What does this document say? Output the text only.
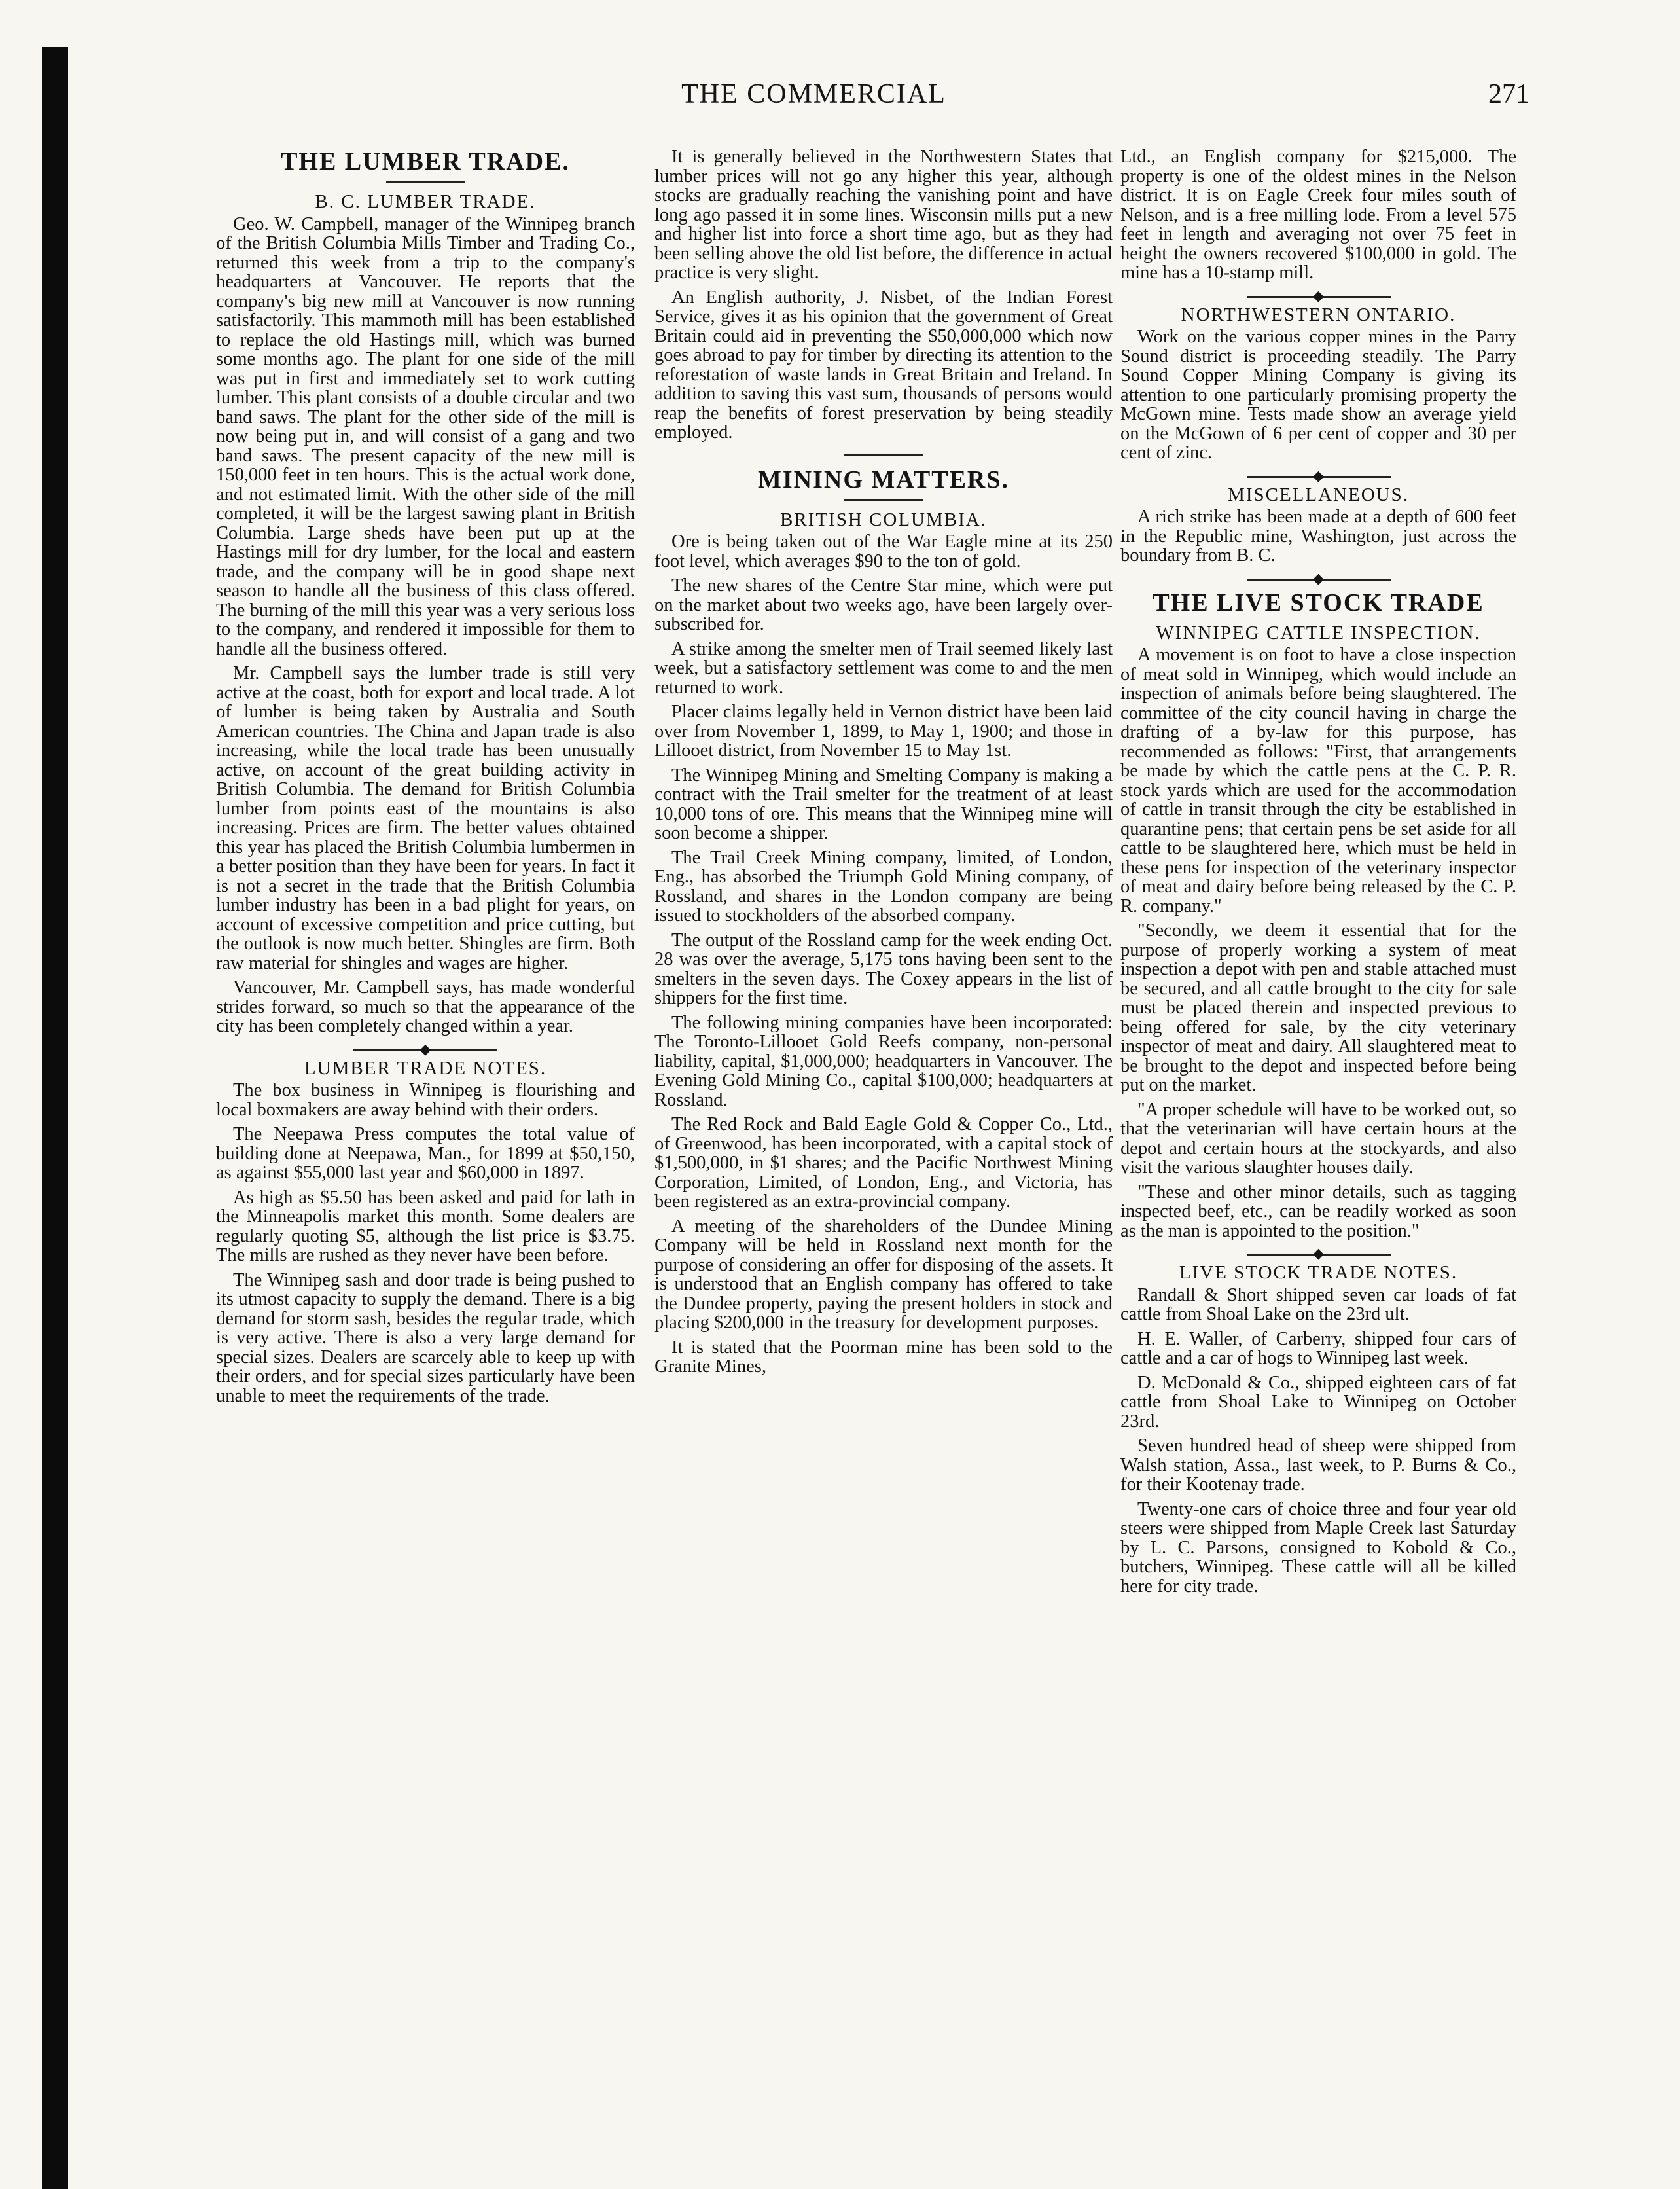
THE COMMERCIAL	271
THE LUMBER TRADE.
B. C. LUMBER TRADE.

Geo. W. Campbell, manager of the Winnipeg branch of the British Columbia Mills Timber and Trading Co., returned this week from a trip to the company's headquarters at Vancouver. He reports that the company's big new mill at Vancouver is now running satisfactorily. This mammoth mill has been established to replace the old Hastings mill, which was burned some months ago. The plant for one side of the mill was put in first and immediately set to work cutting lumber. This plant consists of a double circular and two band saws. The plant for the other side of the mill is now being put in, and will consist of a gang and two band saws. The present capacity of the new mill is 150,000 feet in ten hours. This is the actual work done, and not estimated limit. With the other side of the mill completed, it will be the largest sawing plant in British Columbia. Large sheds have been put up at the Hastings mill for dry lumber, for the local and eastern trade, and the company will be in good shape next season to handle all the business of this class offered. The burning of the mill this year was a very serious loss to the company, and rendered it impossible for them to handle all the business offered.

Mr. Campbell says the lumber trade is still very active at the coast, both for export and local trade. A lot of lumber is being taken by Australia and South American countries. The China and Japan trade is also increasing, while the local trade has been unusually active, on account of the great building activity in British Columbia. The demand for British Columbia lumber from points east of the mountains is also increasing. Prices are firm. The better values obtained this year has placed the British Columbia lumbermen in a better position than they have been for years. In fact it is not a secret in the trade that the British Columbia lumber industry has been in a bad plight for years, on account of excessive competition and price cutting, but the outlook is now much better. Shingles are firm. Both raw material for shingles and wages are higher.

Vancouver, Mr. Campbell says, has made wonderful strides forward, so much so that the appearance of the city has been completely changed within a year.

◆
LUMBER TRADE NOTES.

The box business in Winnipeg is flourishing and local boxmakers are away behind with their orders.

The Neepawa Press computes the total value of building done at Neepawa, Man., for 1899 at $50,150, as against $55,000 last year and $60,000 in 1897.

As high as $5.50 has been asked and paid for lath in the Minneapolis market this month. Some dealers are regularly quoting $5, although the list price is $3.75. The mills are rushed as they never have been before.

The Winnipeg sash and door trade is being pushed to its utmost capacity to supply the demand. There is a big demand for storm sash, besides the regular trade, which is very active. There is also a very large demand for special sizes. Dealers are scarcely able to keep up with their orders, and for special sizes particularly have been unable to meet the requirements of the trade.

It is generally believed in the Northwestern States that lumber prices will not go any higher this year, although stocks are gradually reaching the vanishing point and have long ago passed it in some lines. Wisconsin mills put a new and higher list into force a short time ago, but as they had been selling above the old list before, the difference in actual practice is very slight.

An English authority, J. Nisbet, of the Indian Forest Service, gives it as his opinion that the government of Great Britain could aid in preventing the $50,000,000 which now goes abroad to pay for timber by directing its attention to the reforestation of waste lands in Great Britain and Ireland. In addition to saving this vast sum, thousands of persons would reap the benefits of forest preservation by being steadily employed.

MINING MATTERS.
BRITISH COLUMBIA.

Ore is being taken out of the War Eagle mine at its 250 foot level, which averages $90 to the ton of gold.

The new shares of the Centre Star mine, which were put on the market about two weeks ago, have been largely over-subscribed for.

A strike among the smelter men of Trail seemed likely last week, but a satisfactory settlement was come to and the men returned to work.

Placer claims legally held in Vernon district have been laid over from November 1, 1899, to May 1, 1900; and those in Lillooet district, from November 15 to May 1st.

The Winnipeg Mining and Smelting Company is making a contract with the Trail smelter for the treatment of at least 10,000 tons of ore. This means that the Winnipeg mine will soon become a shipper.

The Trail Creek Mining company, limited, of London, Eng., has absorbed the Triumph Gold Mining company, of Rossland, and shares in the London company are being issued to stockholders of the absorbed company.

The output of the Rossland camp for the week ending Oct. 28 was over the average, 5,175 tons having been sent to the smelters in the seven days. The Coxey appears in the list of shippers for the first time.

The following mining companies have been incorporated: The Toronto-Lillooet Gold Reefs company, non-personal liability, capital, $1,000,000; headquarters in Vancouver. The Evening Gold Mining Co., capital $100,000; headquarters at Rossland.

The Red Rock and Bald Eagle Gold & Copper Co., Ltd., of Greenwood, has been incorporated, with a capital stock of $1,500,000, in $1 shares; and the Pacific Northwest Mining Corporation, Limited, of London, Eng., and Victoria, has been registered as an extra-provincial company.

A meeting of the shareholders of the Dundee Mining Company will be held in Rossland next month for the purpose of considering an offer for disposing of the assets. It is understood that an English company has offered to take the Dundee property, paying the present holders in stock and placing $200,000 in the treasury for development purposes.

It is stated that the Poorman mine has been sold to the Granite Mines,

Ltd., an English company for $215,000. The property is one of the oldest mines in the Nelson district. It is on Eagle Creek four miles south of Nelson, and is a free milling lode. From a level 575 feet in length and averaging not over 75 feet in height the owners recovered $100,000 in gold. The mine has a 10-stamp mill.

◆
NORTHWESTERN ONTARIO.

Work on the various copper mines in the Parry Sound district is proceeding steadily. The Parry Sound Copper Mining Company is giving its attention to one particularly promising property the McGown mine. Tests made show an average yield on the McGown of 6 per cent of copper and 30 per cent of zinc.

◆
MISCELLANEOUS.

A rich strike has been made at a depth of 600 feet in the Republic mine, Washington, just across the boundary from B. C.

◆
THE LIVE STOCK TRADE
WINNIPEG CATTLE INSPECTION.

A movement is on foot to have a close inspection of meat sold in Winnipeg, which would include an inspection of animals before being slaughtered. The committee of the city council having in charge the drafting of a by-law for this purpose, has recommended as follows: "First, that arrangements be made by which the cattle pens at the C. P. R. stock yards which are used for the accommodation of cattle in transit through the city be established in quarantine pens; that certain pens be set aside for all cattle to be slaughtered here, which must be held in these pens for inspection of the veterinary inspector of meat and dairy before being released by the C. P. R. company."

"Secondly, we deem it essential that for the purpose of properly working a system of meat inspection a depot with pen and stable attached must be secured, and all cattle brought to the city for sale must be placed therein and inspected previous to being offered for sale, by the city veterinary inspector of meat and dairy. All slaughtered meat to be brought to the depot and inspected before being put on the market.

"A proper schedule will have to be worked out, so that the veterinarian will have certain hours at the depot and certain hours at the stockyards, and also visit the various slaughter houses daily.

"These and other minor details, such as tagging inspected beef, etc., can be readily worked as soon as the man is appointed to the position."

◆
LIVE STOCK TRADE NOTES.

Randall & Short shipped seven car loads of fat cattle from Shoal Lake on the 23rd ult.

H. E. Waller, of Carberry, shipped four cars of cattle and a car of hogs to Winnipeg last week.

D. McDonald & Co., shipped eighteen cars of fat cattle from Shoal Lake to Winnipeg on October 23rd.

Seven hundred head of sheep were shipped from Walsh station, Assa., last week, to P. Burns & Co., for their Kootenay trade.

Twenty-one cars of choice three and four year old steers were shipped from Maple Creek last Saturday by L. C. Parsons, consigned to Kobold & Co., butchers, Winnipeg. These cattle will all be killed here for city trade.
